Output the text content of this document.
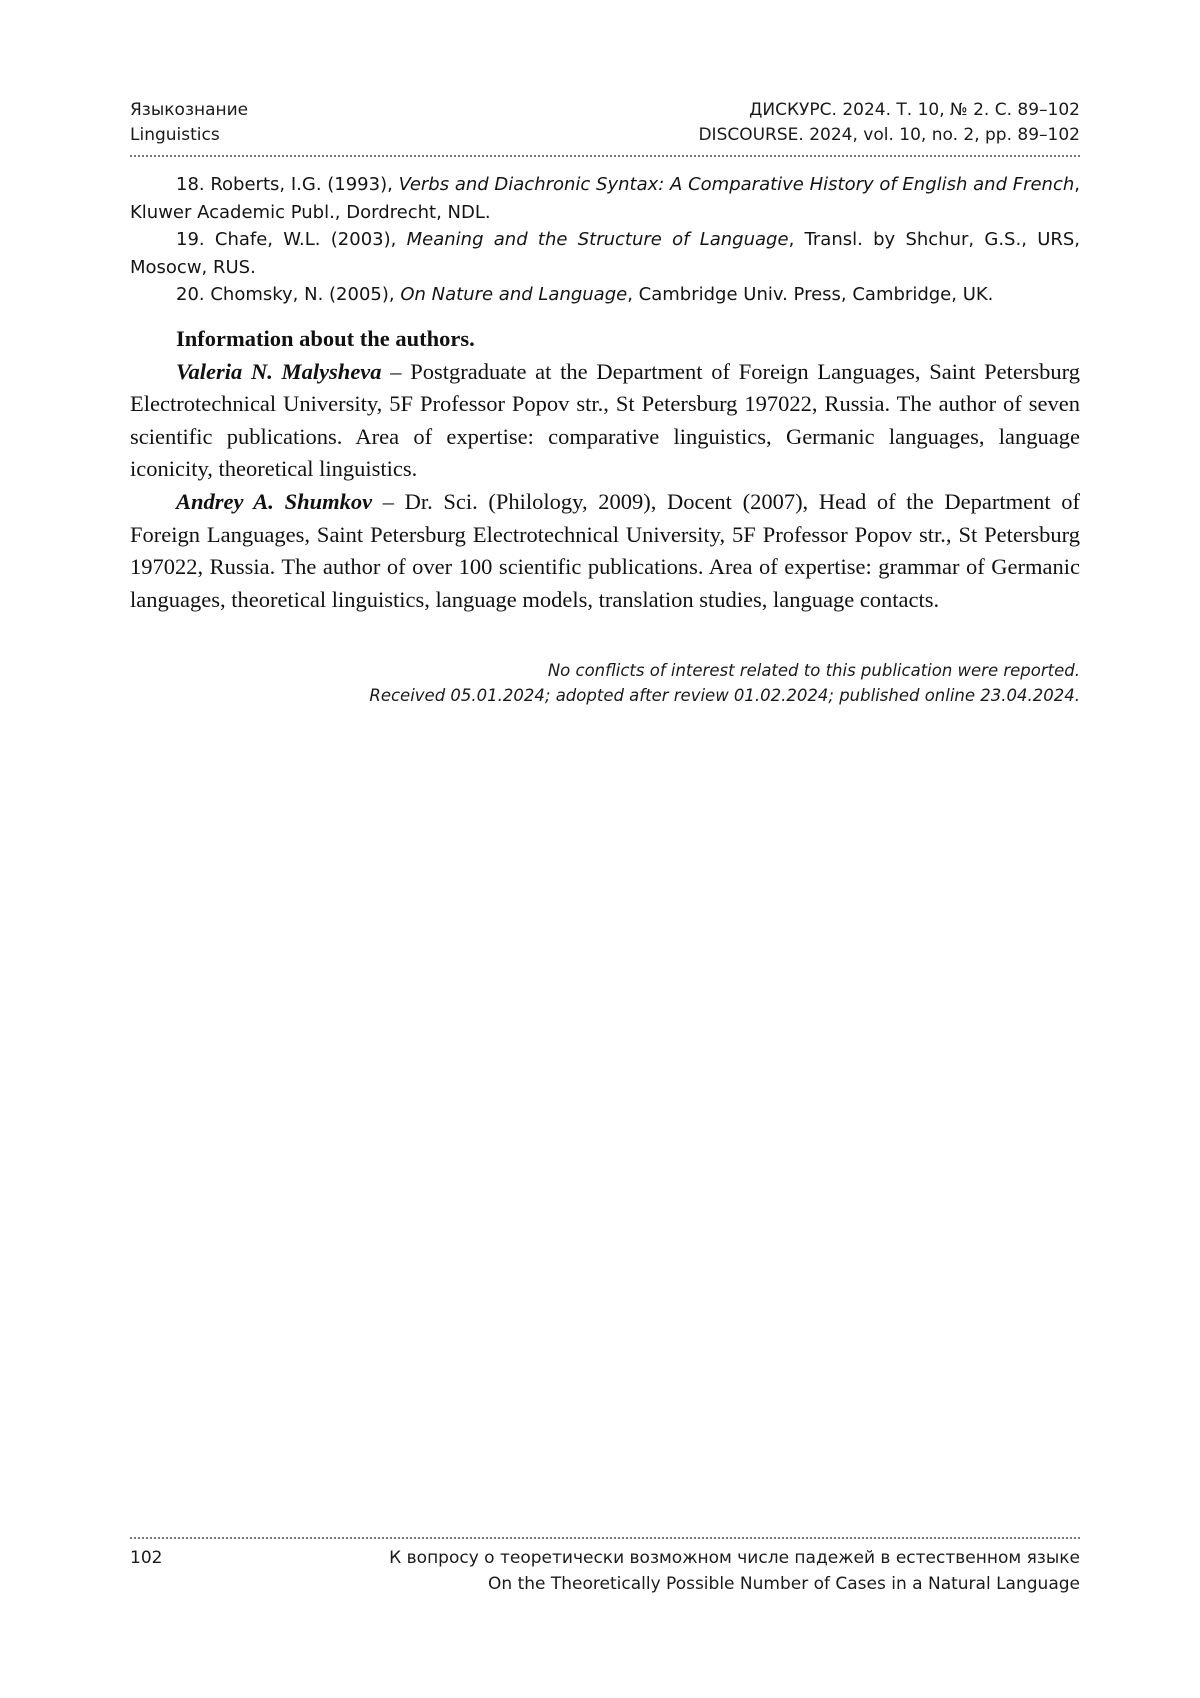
Языкознание	ДИСКУРС. 2024. Т. 10, № 2. С. 89–102
Linguistics	DISCOURSE. 2024, vol. 10, no. 2, pp. 89–102

18. Roberts, I.G. (1993), Verbs and Diachronic Syntax: A Comparative History of English and French, Kluwer Academic Publ., Dordrecht, NDL.

19. Chafe, W.L. (2003), Meaning and the Structure of Language, Transl. by Shchur, G.S., URS, Mosocw, RUS.

20. Chomsky, N. (2005), On Nature and Language, Cambridge Univ. Press, Cambridge, UK.

Information about the authors.

Valeria N. Malysheva – Postgraduate at the Department of Foreign Languages, Saint Petersburg Electrotechnical University, 5F Professor Popov str., St Petersburg 197022, Russia. The author of seven scientific publications. Area of expertise: comparative linguistics, Germanic languages, language iconicity, theoretical linguistics.

Andrey A. Shumkov – Dr. Sci. (Philology, 2009), Docent (2007), Head of the Department of Foreign Languages, Saint Petersburg Electrotechnical University, 5F Professor Popov str., St Petersburg 197022, Russia. The author of over 100 scientific publications. Area of expertise: grammar of Germanic languages, theoretical linguistics, language models, translation studies, language contacts.

No conflicts of interest related to this publication were reported.
Received 05.01.2024; adopted after review 01.02.2024; published online 23.04.2024.
102	К вопросу о теоретически возможном числе падежей в естественном языке
On the Theoretically Possible Number of Cases in a Natural Language
